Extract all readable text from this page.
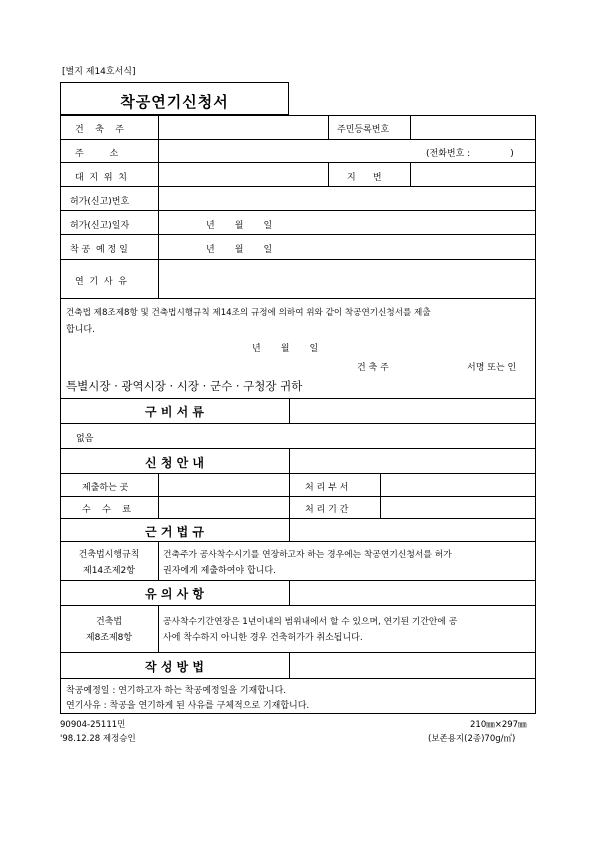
[별지 제14호서식]
착공연기신청서
건    축    주	주민등록번호
주         소	(전화번호 :              )
대  지  위  치	지      번
허가(신고)번호
허가(신고)일자	년       월       일
착 공  예 정 일	년       월       일
연  기  사  유
건축법 제8조제8항 및 건축법시행규칙 제14조의 규정에 의하여 위와 같이 착공연기신청서를 제출
합니다.
년       월       일
건 축 주	서명 또는 인
특별시장 · 광역시장 · 시장 · 군수 · 구청장 귀하
구 비 서 류
없음
신 청 안 내
제출하는 곳	처 리 부 서
수    수    료	처 리 기 간
근 거 법 규
건축법시행규칙
제14조제2항
건축주가 공사착수시기를 연장하고자 하는 경우에는 착공연기신청서를 허가
권자에게 제출하여야 합니다.
유 의 사 항
건축법
제8조제8항
공사착수기간연장은 1년이내의 범위내에서 할 수 있으며, 연기된 기간안에 공
사에 착수하지 아니한 경우 건축허가가 취소됩니다.
작 성 방 법
착공예정일 : 연기하고자 하는 착공예정일을 기재합니다.
연기사유 : 착공을 연기하게 된 사유를 구체적으로 기재합니다.
90904-25111민
'98.12.28 제정승인
210㎜×297㎜
(보존용지(2종)70g/㎡)
